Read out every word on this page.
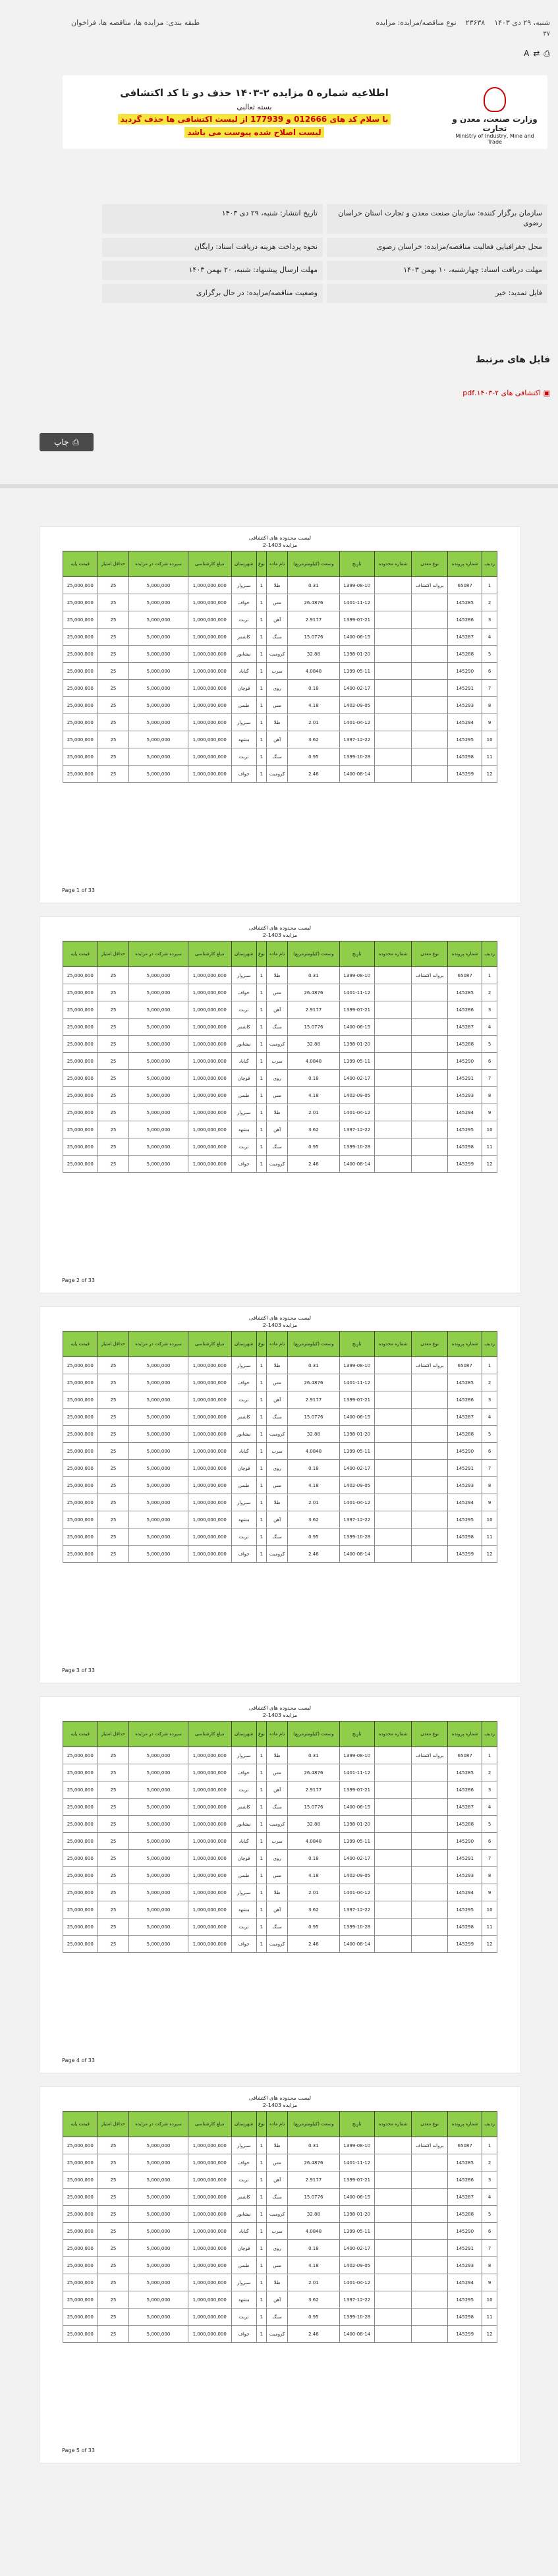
شنبه، ۲۹ دی ۱۴۰۳
۲۳۶۳۸
نوع مناقصه/مزایده: مزایده
طبقه بندی: مزایده ها، مناقصه ها، فراخوان
۳۷
⎙
⇄
A
وزارت صنعت، معدن و تجارت
Ministry of Industry, Mine and Trade
اطلاعیه شماره ۵ مزایده ۲-۱۴۰۳ حذف دو تا کد اکتشافی
بسته ثعالبی
با سلام کد های 012666 و 177939 از لیست اکتشافی ها حذف گردید
لیست اصلاح شده پیوست می باشد
سازمان برگزار کننده: سازمان صنعت معدن و تجارت استان خراسان رضوی
تاریخ انتشار: شنبه، ۲۹ دی ۱۴۰۳
محل جغرافیایی فعالیت مناقصه/مزایده: خراسان رضوی
نحوه پرداخت هزینه دریافت اسناد: رایگان
مهلت دریافت اسناد: چهارشنبه، ۱۰ بهمن ۱۴۰۳
مهلت ارسال پیشنهاد: شنبه، ۲۰ بهمن ۱۴۰۳
فایل تمدید: خیر
وضعیت مناقصه/مزایده: در حال برگزاری
فایل های مرتبط
▣ اکتشافی های ۲-۱۴۰۳.pdf
⎙
چاپ
لیست محدوده های اکتشافی
مزایده 1403-2
ردیف	شماره پرونده	نوع معدن	شماره محدوده	تاریخ	وسعت (کیلومترمربع)	نام ماده	نوع	شهرستان	مبلغ کارشناسی	سپرده شرکت در مزایده	حداقل امتیاز	قیمت پایه
1	65087	پروانه اکتشاف		1399-08-10	0.31	طلا	1	سبزوار	1,000,000,000	5,000,000	25	25,000,000
2	145285			1401-11-12	26.4876	مس	1	خواف	1,000,000,000	5,000,000	25	25,000,000
3	145286			1399-07-21	2.9177	آهن	1	تربت	1,000,000,000	5,000,000	25	25,000,000
4	145287			1400-06-15	15.0776	سنگ	1	کاشمر	1,000,000,000	5,000,000	25	25,000,000
5	145288			1398-01-20	32.88	کرومیت	1	نیشابور	1,000,000,000	5,000,000	25	25,000,000
6	145290			1399-05-11	4.0848	سرب	1	گناباد	1,000,000,000	5,000,000	25	25,000,000
7	145291			1400-02-17	0.18	روی	1	قوچان	1,000,000,000	5,000,000	25	25,000,000
8	145293			1402-09-05	4.18	مس	1	طبس	1,000,000,000	5,000,000	25	25,000,000
9	145294			1401-04-12	2.01	طلا	1	سبزوار	1,000,000,000	5,000,000	25	25,000,000
10	145295			1397-12-22	3.62	آهن	1	مشهد	1,000,000,000	5,000,000	25	25,000,000
11	145298			1399-10-28	0.95	سنگ	1	تربت	1,000,000,000	5,000,000	25	25,000,000
12	145299			1400-08-14	2.46	کرومیت	1	خواف	1,000,000,000	5,000,000	25	25,000,000
Page 1 of 33
لیست محدوده های اکتشافی
مزایده 1403-2
ردیف	شماره پرونده	نوع معدن	شماره محدوده	تاریخ	وسعت (کیلومترمربع)	نام ماده	نوع	شهرستان	مبلغ کارشناسی	سپرده شرکت در مزایده	حداقل امتیاز	قیمت پایه
1	65087	پروانه اکتشاف		1399-08-10	0.31	طلا	1	سبزوار	1,000,000,000	5,000,000	25	25,000,000
2	145285			1401-11-12	26.4876	مس	1	خواف	1,000,000,000	5,000,000	25	25,000,000
3	145286			1399-07-21	2.9177	آهن	1	تربت	1,000,000,000	5,000,000	25	25,000,000
4	145287			1400-06-15	15.0776	سنگ	1	کاشمر	1,000,000,000	5,000,000	25	25,000,000
5	145288			1398-01-20	32.88	کرومیت	1	نیشابور	1,000,000,000	5,000,000	25	25,000,000
6	145290			1399-05-11	4.0848	سرب	1	گناباد	1,000,000,000	5,000,000	25	25,000,000
7	145291			1400-02-17	0.18	روی	1	قوچان	1,000,000,000	5,000,000	25	25,000,000
8	145293			1402-09-05	4.18	مس	1	طبس	1,000,000,000	5,000,000	25	25,000,000
9	145294			1401-04-12	2.01	طلا	1	سبزوار	1,000,000,000	5,000,000	25	25,000,000
10	145295			1397-12-22	3.62	آهن	1	مشهد	1,000,000,000	5,000,000	25	25,000,000
11	145298			1399-10-28	0.95	سنگ	1	تربت	1,000,000,000	5,000,000	25	25,000,000
12	145299			1400-08-14	2.46	کرومیت	1	خواف	1,000,000,000	5,000,000	25	25,000,000
Page 2 of 33
لیست محدوده های اکتشافی
مزایده 1403-2
ردیف	شماره پرونده	نوع معدن	شماره محدوده	تاریخ	وسعت (کیلومترمربع)	نام ماده	نوع	شهرستان	مبلغ کارشناسی	سپرده شرکت در مزایده	حداقل امتیاز	قیمت پایه
1	65087	پروانه اکتشاف		1399-08-10	0.31	طلا	1	سبزوار	1,000,000,000	5,000,000	25	25,000,000
2	145285			1401-11-12	26.4876	مس	1	خواف	1,000,000,000	5,000,000	25	25,000,000
3	145286			1399-07-21	2.9177	آهن	1	تربت	1,000,000,000	5,000,000	25	25,000,000
4	145287			1400-06-15	15.0776	سنگ	1	کاشمر	1,000,000,000	5,000,000	25	25,000,000
5	145288			1398-01-20	32.88	کرومیت	1	نیشابور	1,000,000,000	5,000,000	25	25,000,000
6	145290			1399-05-11	4.0848	سرب	1	گناباد	1,000,000,000	5,000,000	25	25,000,000
7	145291			1400-02-17	0.18	روی	1	قوچان	1,000,000,000	5,000,000	25	25,000,000
8	145293			1402-09-05	4.18	مس	1	طبس	1,000,000,000	5,000,000	25	25,000,000
9	145294			1401-04-12	2.01	طلا	1	سبزوار	1,000,000,000	5,000,000	25	25,000,000
10	145295			1397-12-22	3.62	آهن	1	مشهد	1,000,000,000	5,000,000	25	25,000,000
11	145298			1399-10-28	0.95	سنگ	1	تربت	1,000,000,000	5,000,000	25	25,000,000
12	145299			1400-08-14	2.46	کرومیت	1	خواف	1,000,000,000	5,000,000	25	25,000,000
Page 3 of 33
لیست محدوده های اکتشافی
مزایده 1403-2
ردیف	شماره پرونده	نوع معدن	شماره محدوده	تاریخ	وسعت (کیلومترمربع)	نام ماده	نوع	شهرستان	مبلغ کارشناسی	سپرده شرکت در مزایده	حداقل امتیاز	قیمت پایه
1	65087	پروانه اکتشاف		1399-08-10	0.31	طلا	1	سبزوار	1,000,000,000	5,000,000	25	25,000,000
2	145285			1401-11-12	26.4876	مس	1	خواف	1,000,000,000	5,000,000	25	25,000,000
3	145286			1399-07-21	2.9177	آهن	1	تربت	1,000,000,000	5,000,000	25	25,000,000
4	145287			1400-06-15	15.0776	سنگ	1	کاشمر	1,000,000,000	5,000,000	25	25,000,000
5	145288			1398-01-20	32.88	کرومیت	1	نیشابور	1,000,000,000	5,000,000	25	25,000,000
6	145290			1399-05-11	4.0848	سرب	1	گناباد	1,000,000,000	5,000,000	25	25,000,000
7	145291			1400-02-17	0.18	روی	1	قوچان	1,000,000,000	5,000,000	25	25,000,000
8	145293			1402-09-05	4.18	مس	1	طبس	1,000,000,000	5,000,000	25	25,000,000
9	145294			1401-04-12	2.01	طلا	1	سبزوار	1,000,000,000	5,000,000	25	25,000,000
10	145295			1397-12-22	3.62	آهن	1	مشهد	1,000,000,000	5,000,000	25	25,000,000
11	145298			1399-10-28	0.95	سنگ	1	تربت	1,000,000,000	5,000,000	25	25,000,000
12	145299			1400-08-14	2.46	کرومیت	1	خواف	1,000,000,000	5,000,000	25	25,000,000
Page 4 of 33
لیست محدوده های اکتشافی
مزایده 1403-2
ردیف	شماره پرونده	نوع معدن	شماره محدوده	تاریخ	وسعت (کیلومترمربع)	نام ماده	نوع	شهرستان	مبلغ کارشناسی	سپرده شرکت در مزایده	حداقل امتیاز	قیمت پایه
1	65087	پروانه اکتشاف		1399-08-10	0.31	طلا	1	سبزوار	1,000,000,000	5,000,000	25	25,000,000
2	145285			1401-11-12	26.4876	مس	1	خواف	1,000,000,000	5,000,000	25	25,000,000
3	145286			1399-07-21	2.9177	آهن	1	تربت	1,000,000,000	5,000,000	25	25,000,000
4	145287			1400-06-15	15.0776	سنگ	1	کاشمر	1,000,000,000	5,000,000	25	25,000,000
5	145288			1398-01-20	32.88	کرومیت	1	نیشابور	1,000,000,000	5,000,000	25	25,000,000
6	145290			1399-05-11	4.0848	سرب	1	گناباد	1,000,000,000	5,000,000	25	25,000,000
7	145291			1400-02-17	0.18	روی	1	قوچان	1,000,000,000	5,000,000	25	25,000,000
8	145293			1402-09-05	4.18	مس	1	طبس	1,000,000,000	5,000,000	25	25,000,000
9	145294			1401-04-12	2.01	طلا	1	سبزوار	1,000,000,000	5,000,000	25	25,000,000
10	145295			1397-12-22	3.62	آهن	1	مشهد	1,000,000,000	5,000,000	25	25,000,000
11	145298			1399-10-28	0.95	سنگ	1	تربت	1,000,000,000	5,000,000	25	25,000,000
12	145299			1400-08-14	2.46	کرومیت	1	خواف	1,000,000,000	5,000,000	25	25,000,000
Page 5 of 33
